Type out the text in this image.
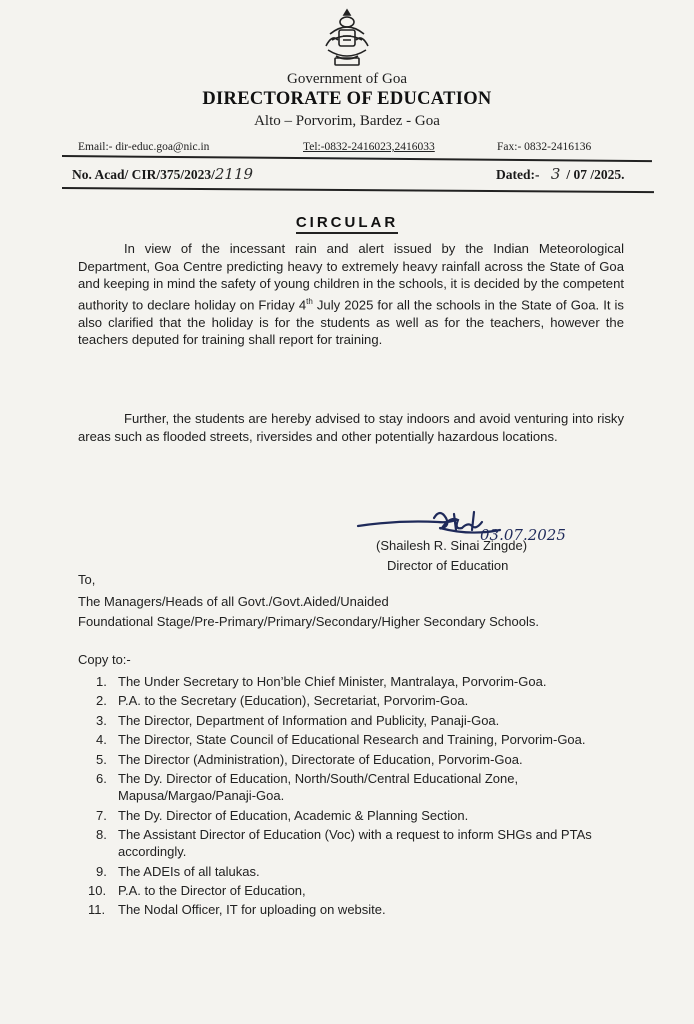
Government of Goa
DIRECTORATE OF EDUCATION
Alto – Porvorim, Bardez - Goa
Email:- dir-educ.goa@nic.in	Tel:-0832-2416023,2416033	Fax:- 0832-2416136
No. Acad/ CIR/375/2023/2119	Dated:- 3 / 07 /2025.
CIRCULAR
In view of the incessant rain and alert issued by the Indian Meteorological Department, Goa Centre predicting heavy to extremely heavy rainfall across the State of Goa and keeping in mind the safety of young children in the schools, it is decided by the competent authority to declare holiday on Friday 4th July 2025 for all the schools in the State of Goa. It is also clarified that the holiday is for the students as well as for the teachers, however the teachers deputed for training shall report for training.
Further, the students are hereby advised to stay indoors and avoid venturing into risky areas such as flooded streets, riversides and other potentially hazardous locations.
03.07.2025
(Shailesh R. Sinai Zingde)
Director of Education
To,
The Managers/Heads of all Govt./Govt.Aided/Unaided
Foundational Stage/Pre-Primary/Primary/Secondary/Higher Secondary Schools.
Copy to:-
1. The Under Secretary to Hon’ble Chief Minister, Mantralaya, Porvorim-Goa.
2. P.A. to the Secretary (Education), Secretariat, Porvorim-Goa.
3. The Director, Department of Information and Publicity, Panaji-Goa.
4. The Director, State Council of Educational Research and Training, Porvorim-Goa.
5. The Director (Administration), Directorate of Education, Porvorim-Goa.
6. The Dy. Director of Education, North/South/Central Educational Zone, Mapusa/Margao/Panaji-Goa.
7. The Dy. Director of Education, Academic & Planning Section.
8. The Assistant Director of Education (Voc) with a request to inform SHGs and PTAs accordingly.
9. The ADEIs of all talukas.
10. P.A. to the Director of Education,
11. The Nodal Officer, IT for uploading on website.
